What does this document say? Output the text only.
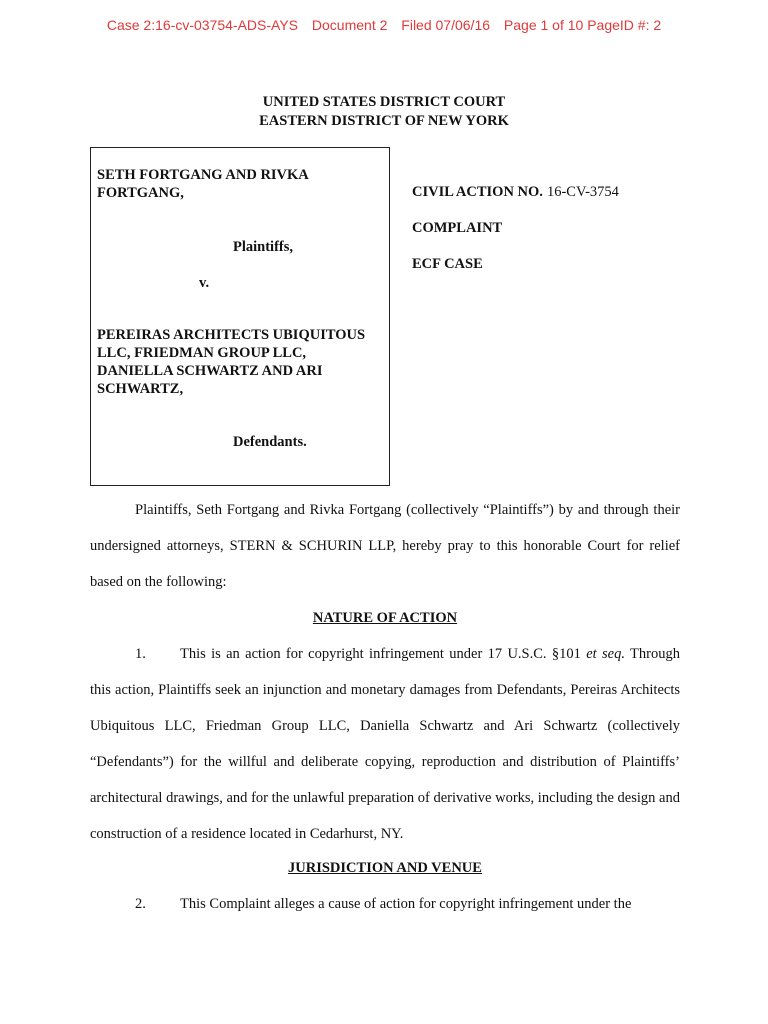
Case 2:16-cv-03754-ADS-AYS Document 2 Filed 07/06/16 Page 1 of 10 PageID #: 2
UNITED STATES DISTRICT COURT
EASTERN DISTRICT OF NEW YORK
SETH FORTGANG AND RIVKA
FORTGANG,
Plaintiffs,
v.
PEREIRAS ARCHITECTS UBIQUITOUS
LLC, FRIEDMAN GROUP LLC,
DANIELLA SCHWARTZ AND ARI
SCHWARTZ,
Defendants.
CIVIL ACTION NO. 16-CV-3754
COMPLAINT
ECF CASE

Plaintiffs, Seth Fortgang and Rivka Fortgang (collectively “Plaintiffs”) by and through their undersigned attorneys, STERN & SCHURIN LLP, hereby pray to this honorable Court for relief based on the following:

NATURE OF ACTION

1. This is an action for copyright infringement under 17 U.S.C. §101 et seq. Through this action, Plaintiffs seek an injunction and monetary damages from Defendants, Pereiras Architects Ubiquitous LLC, Friedman Group LLC, Daniella Schwartz and Ari Schwartz (collectively “Defendants”) for the willful and deliberate copying, reproduction and distribution of Plaintiffs’ architectural drawings, and for the unlawful preparation of derivative works, including the design and construction of a residence located in Cedarhurst, NY.

JURISDICTION AND VENUE

2. This Complaint alleges a cause of action for copyright infringement under the
